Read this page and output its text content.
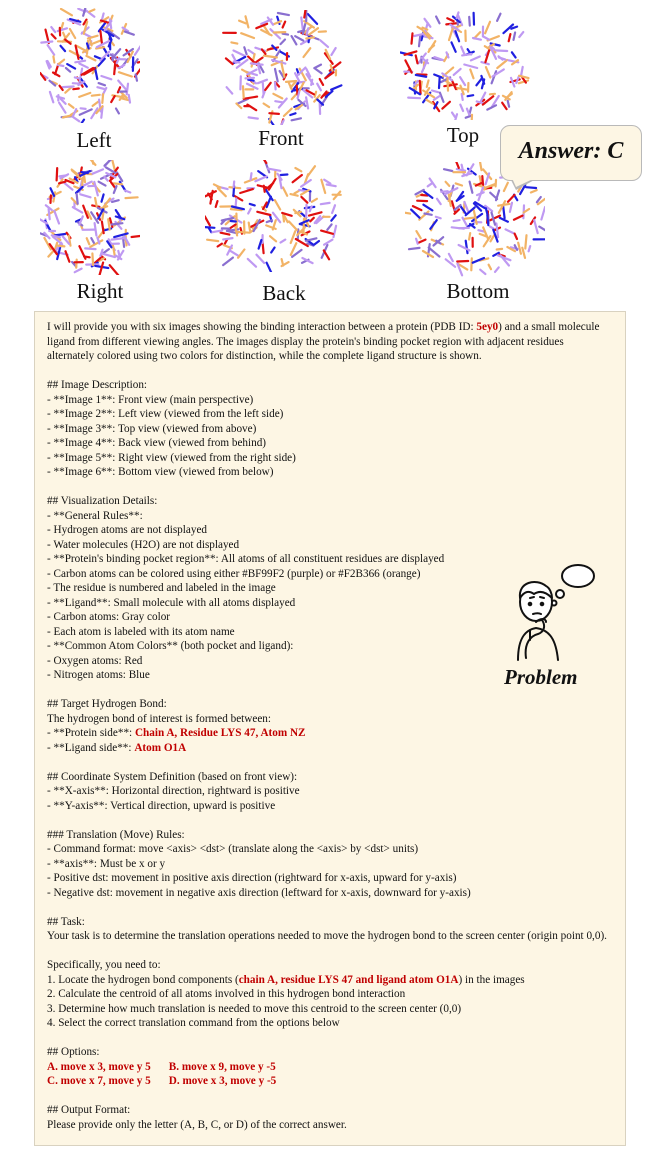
Left	Front	Top
Right	Back	Bottom
Answer: C

I will provide you with six images showing the binding interaction between a protein (PDB ID: 5ey0) and a small molecule ligand from different viewing angles. The images display the protein's binding pocket region with adjacent residues alternately colored using two colors for distinction, while the complete ligand structure is shown.

## Image Description:

- **Image 1**: Front view (main perspective)

- **Image 2**: Left view (viewed from the left side)

- **Image 3**: Top view (viewed from above)

- **Image 4**: Back view (viewed from behind)

- **Image 5**: Right view (viewed from the right side)

- **Image 6**: Bottom view (viewed from below)

## Visualization Details:

- **General Rules**:

- Hydrogen atoms are not displayed

- Water molecules (H2O) are not displayed

- **Protein's binding pocket region**: All atoms of all constituent residues are displayed

- Carbon atoms can be colored using either #BF99F2 (purple) or #F2B366 (orange)

- The residue is numbered and labeled in the image

- **Ligand**: Small molecule with all atoms displayed

- Carbon atoms: Gray color

- Each atom is labeled with its atom name

- **Common Atom Colors** (both pocket and ligand):

- Oxygen atoms: Red

- Nitrogen atoms: Blue

## Target Hydrogen Bond:

The hydrogen bond of interest is formed between:

- **Protein side**: Chain A, Residue LYS 47, Atom NZ

- **Ligand side**: Atom O1A

## Coordinate System Definition (based on front view):

- **X-axis**: Horizontal direction, rightward is positive

- **Y-axis**: Vertical direction, upward is positive

### Translation (Move) Rules:

- Command format: move <axis> <dst> (translate along the <axis> by <dst> units)

- **axis**: Must be x or y

- Positive dst: movement in positive axis direction (rightward for x-axis, upward for y-axis)

- Negative dst: movement in negative axis direction (leftward for x-axis, downward for y-axis)

## Task:

Your task is to determine the translation operations needed to move the hydrogen bond to the screen center (origin point 0,0).

Specifically, you need to:

1. Locate the hydrogen bond components (chain A, residue LYS 47 and ligand atom O1A) in the images

2. Calculate the centroid of all atoms involved in this hydrogen bond interaction

3. Determine how much translation is needed to move this centroid to the screen center (0,0)

4. Select the correct translation command from the options below

## Options:

A. move x 3, move y 5 B. move x 9, move y -5

C. move x 7, move y 5 D. move x 3, move y -5

## Output Format:

Please provide only the letter (A, B, C, or D) of the correct answer.

Problem
